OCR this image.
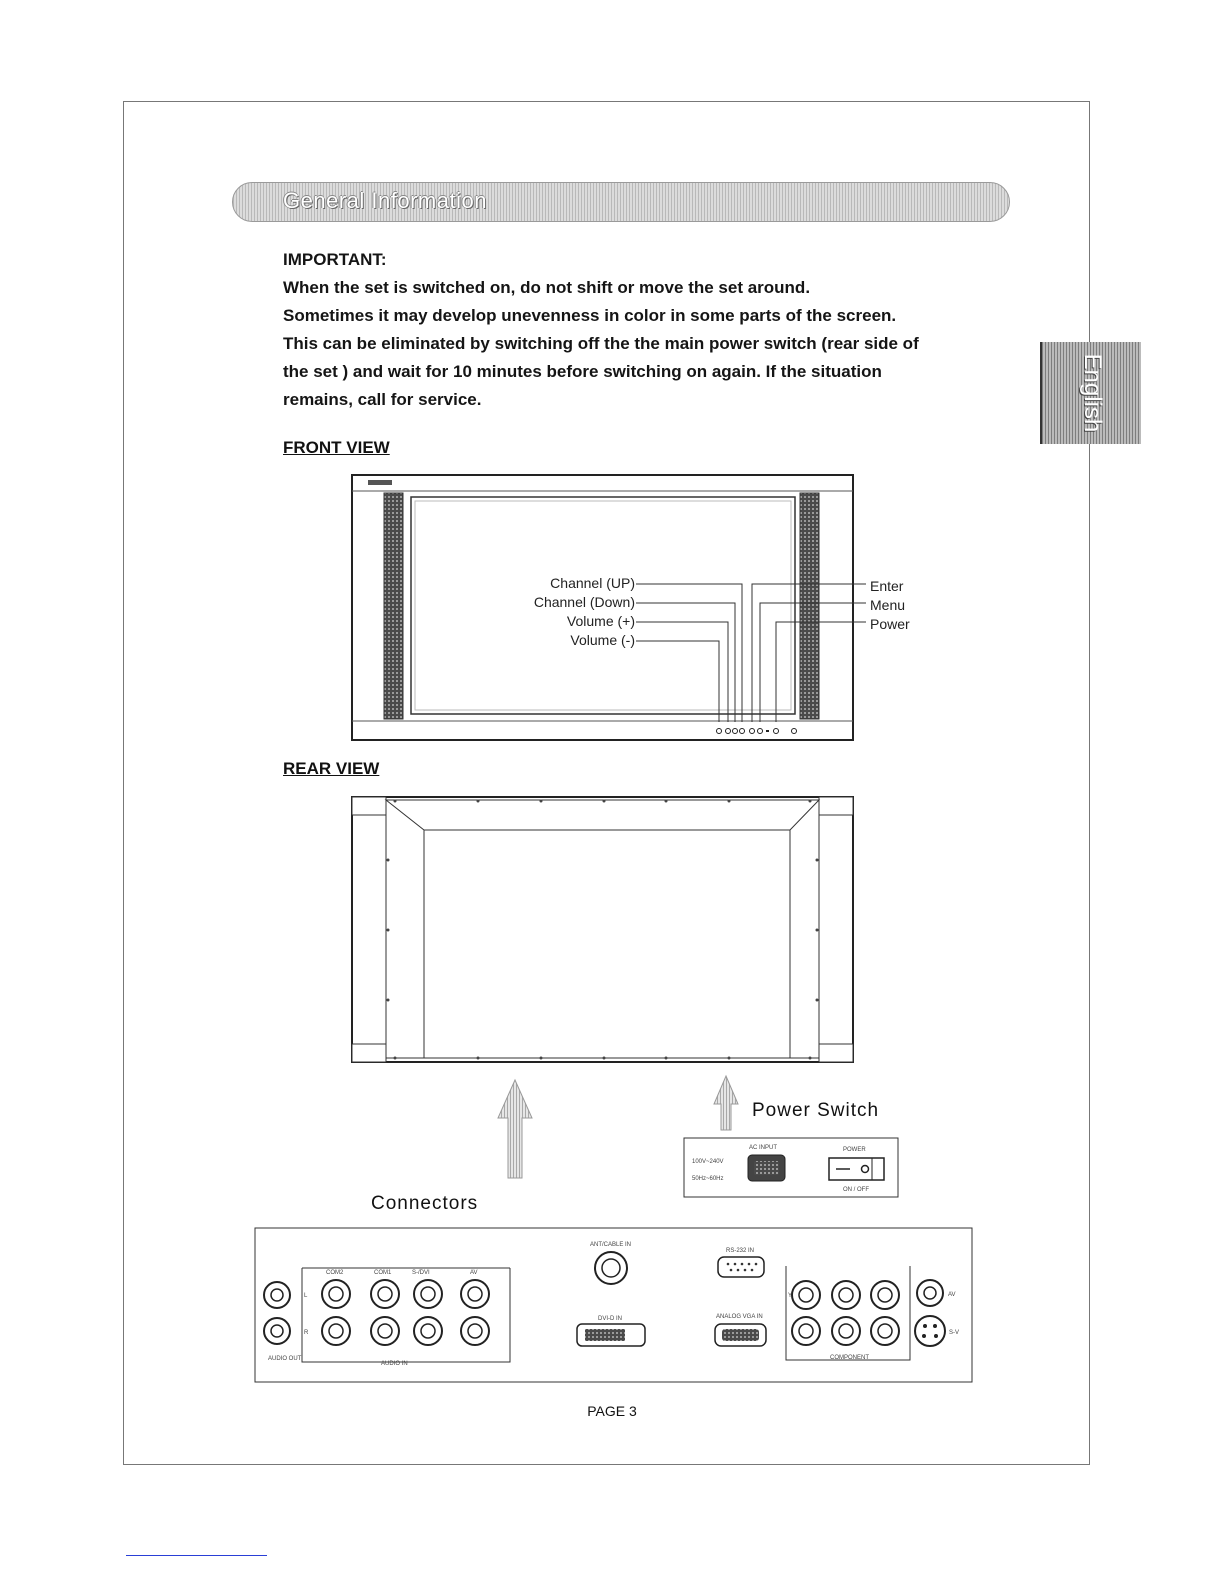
General Information
English

IMPORTANT:

When the set is switched on, do not shift or move the set around.

Sometimes it may develop unevenness in color in some parts of the screen.

This can be eliminated by switching off the the main power switch (rear side of

the set ) and wait for 10 minutes before switching on again. If the situation

remains, call for service.

FRONT VIEW
REAR VIEW
COM2	COM1	S-/DVI	AV
AUDIO IN
AUDIO OUT
L
R
ANT/CABLE IN
DVI-D IN
RS-232 IN
ANALOG VGA IN
COMPONENT
Y	AV
S-V
AC INPUT
100V~240V
50Hz~60Hz
POWER
ON / OFF
Channel (UP)
Channel (Down)
Volume (+)
Volume (-)
Enter
Menu
Power
Power Switch
Connectors
PAGE 3
